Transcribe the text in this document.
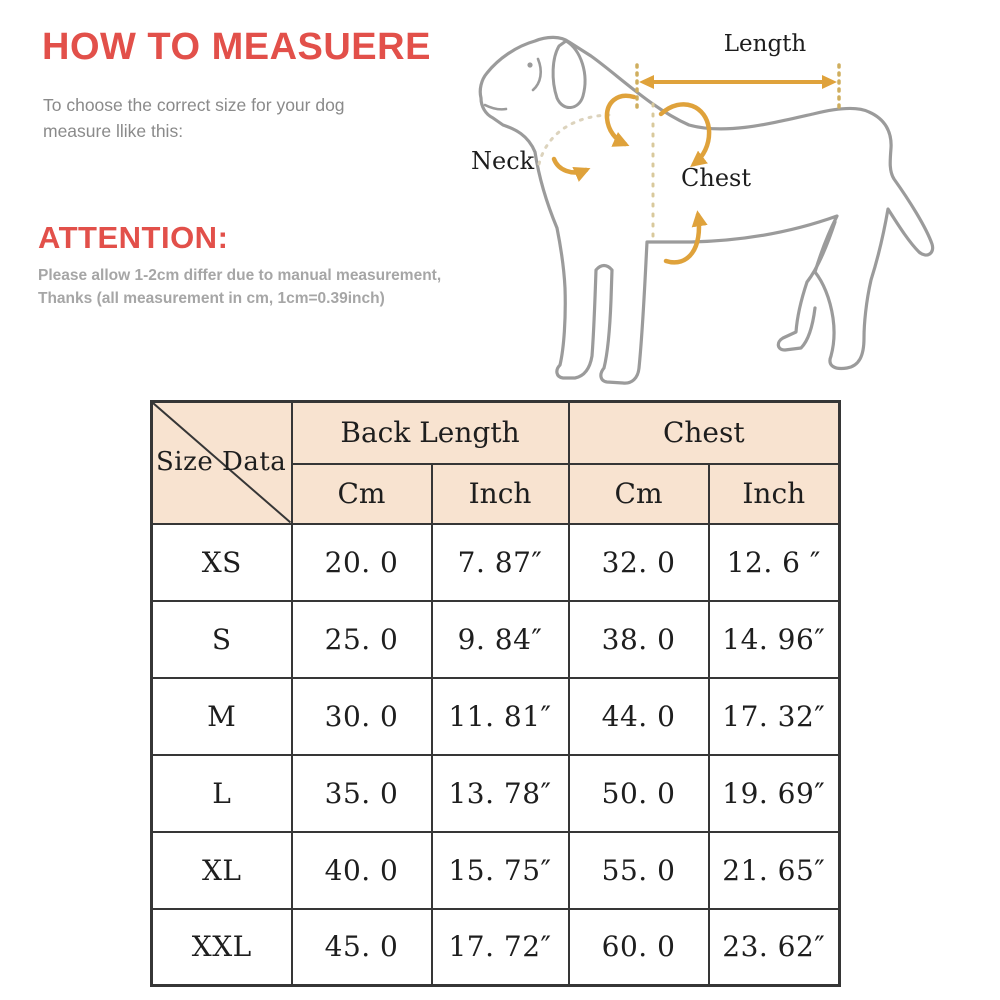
HOW TO MEASUERE
To choose the correct size for your dog
measure llike this:
ATTENTION:
Please allow 1-2cm differ due to manual measurement,
Thanks (all measurement in cm, 1cm=0.39inch)
Length
Neck
Chest
Size Data	Back Length		Chest	
	Cm	Inch	Cm	Inch
XS	20. 0	7. 87″	32. 0	12. 6 ″
S	25. 0	9. 84″	38. 0	14. 96″
M	30. 0	11. 81″	44. 0	17. 32″
L	35. 0	13. 78″	50. 0	19. 69″
XL	40. 0	15. 75″	55. 0	21. 65″
XXL	45. 0	17. 72″	60. 0	23. 62″
